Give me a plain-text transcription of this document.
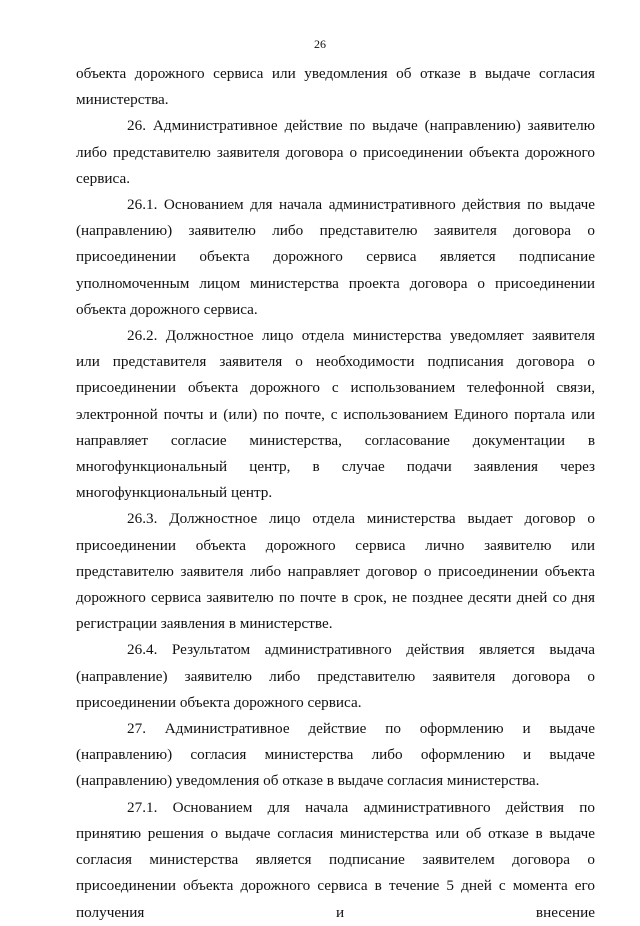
26

объекта дорожного сервиса или уведомления об отказе в выдаче согласия министерства.

26. Административное действие по выдаче (направлению) заявителю либо представителю заявителя договора о присоединении объекта дорожного сервиса.

26.1. Основанием для начала административного действия по выдаче (направлению) заявителю либо представителю заявителя договора о присоединении объекта дорожного сервиса является подписание уполномоченным лицом министерства проекта договора о присоединении объекта дорожного сервиса.

26.2. Должностное лицо отдела министерства уведомляет заявителя или представителя заявителя о необходимости подписания договора о присоединении объекта дорожного с использованием телефонной связи, электронной почты и (или) по почте, с использованием Единого портала или направляет согласие министерства, согласование документации в многофункциональный центр, в случае подачи заявления через многофункциональный центр.

26.3. Должностное лицо отдела министерства выдает договор о присоединении объекта дорожного сервиса лично заявителю или представителю заявителя либо направляет договор о присоединении объекта дорожного сервиса заявителю по почте в срок, не позднее десяти дней со дня регистрации заявления в министерстве.

26.4. Результатом административного действия является выдача (направление) заявителю либо представителю заявителя договора о присоединении объекта дорожного сервиса.

27. Административное действие по оформлению и выдаче (направлению) согласия министерства либо оформлению и выдаче (направлению) уведомления об отказе в выдаче согласия министерства.

27.1. Основанием для начала административного действия по принятию решения о выдаче согласия министерства или об отказе в выдаче согласия министерства является подписание заявителем договора о присоединении объекта дорожного сервиса в течение 5 дней с момента его получения и внесение
